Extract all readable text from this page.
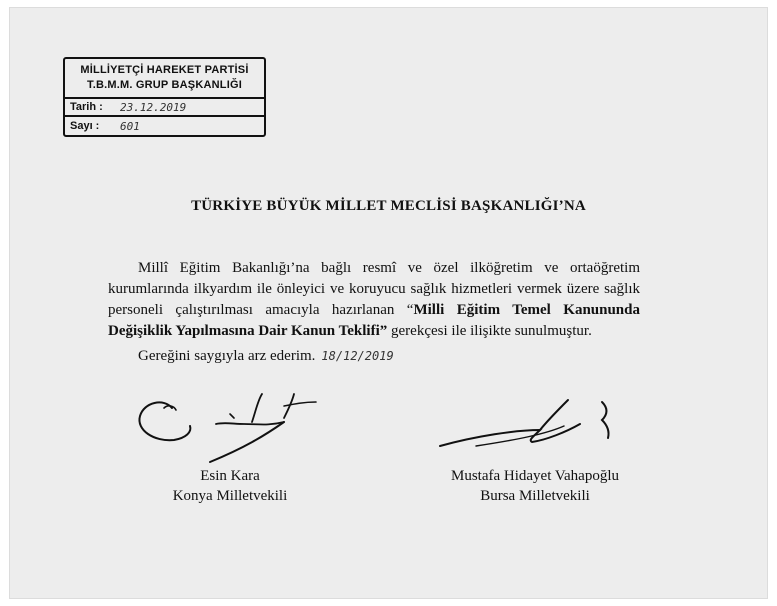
MİLLİYETÇİ HAREKET PARTİSİ
T.B.M.M. GRUP BAŞKANLIĞI
Tarih :	23.12.2019
Sayı :	601
TÜRKİYE BÜYÜK MİLLET MECLİSİ BAŞKANLIĞI’NA
Millî Eğitim Bakanlığı’na bağlı resmî ve özel ilköğretim ve ortaöğretim kurumlarında ilkyardım ile önleyici ve koruyucu sağlık hizmetleri vermek üzere sağlık personeli çalıştırılması amacıyla hazırlanan “Milli Eğitim Temel Kanununda Değişiklik Yapılmasına Dair Kanun Teklifi” gerekçesi ile ilişikte sunulmuştur.
Gereğini saygıyla arz ederim. 18/12/2019
Esin Kara
Konya Milletvekili
Mustafa Hidayet Vahapoğlu
Bursa Milletvekili
